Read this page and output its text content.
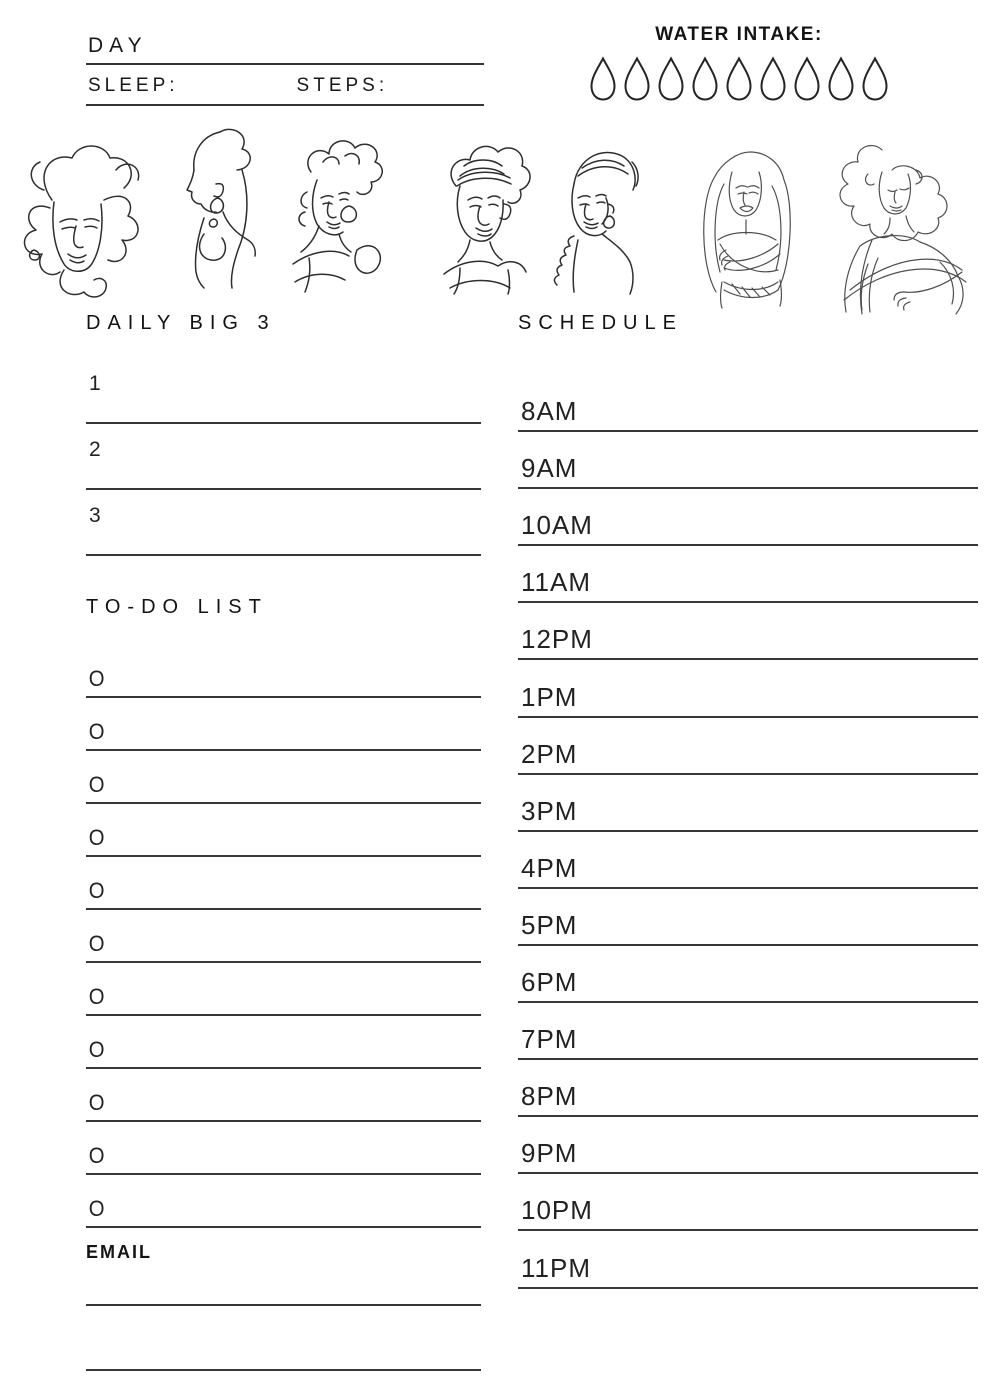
DAY
SLEEP:	STEPS:
WATER INTAKE:
DAILY BIG 3	SCHEDULE
TO-DO LIST
1
2
3
8AM
9AM
10AM
11AM
12PM
1PM
2PM
3PM
4PM
5PM
6PM
7PM
8PM
9PM
10PM
11PM
O
O
O
O
O
O
O
O
O
O
O
EMAIL
